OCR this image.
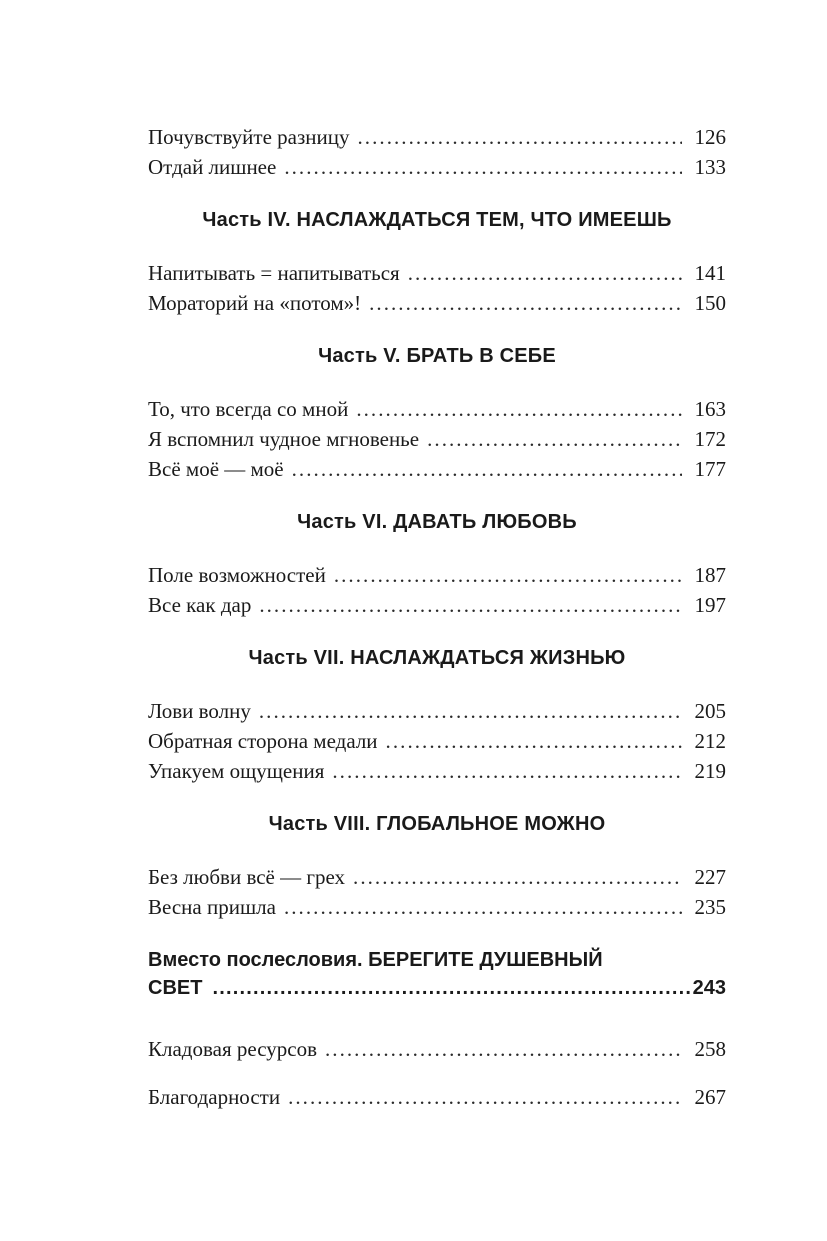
Почувствуйте разницу . . .	126
Отдай лишнее . . .	133
Часть IV. НАСЛАЖДАТЬСЯ ТЕМ, ЧТО ИМЕЕШЬ
Напитывать = напитываться . . .	141
Мораторий на «потом»! . . .	150
Часть V. БРАТЬ В СЕБЕ
То, что всегда со мной . . .	163
Я вспомнил чудное мгновенье . . .	172
Всё моё — моё . . .	177
Часть VI. ДАВАТЬ ЛЮБОВЬ
Поле возможностей . . .	187
Все как дар . . .	197
Часть VII. НАСЛАЖДАТЬСЯ ЖИЗНЬЮ
Лови волну . . .	205
Обратная сторона медали . . .	212
Упакуем ощущения . . .	219
Часть VIII. ГЛОБАЛЬНОЕ МОЖНО
Без любви всё — грех . . .	227
Весна пришла . . .	235
Вместо послесловия. БЕРЕГИТЕ ДУШЕВНЫЙ
СВЕТ .....	243
Кладовая ресурсов . . .	258
Благодарности . . .	267
